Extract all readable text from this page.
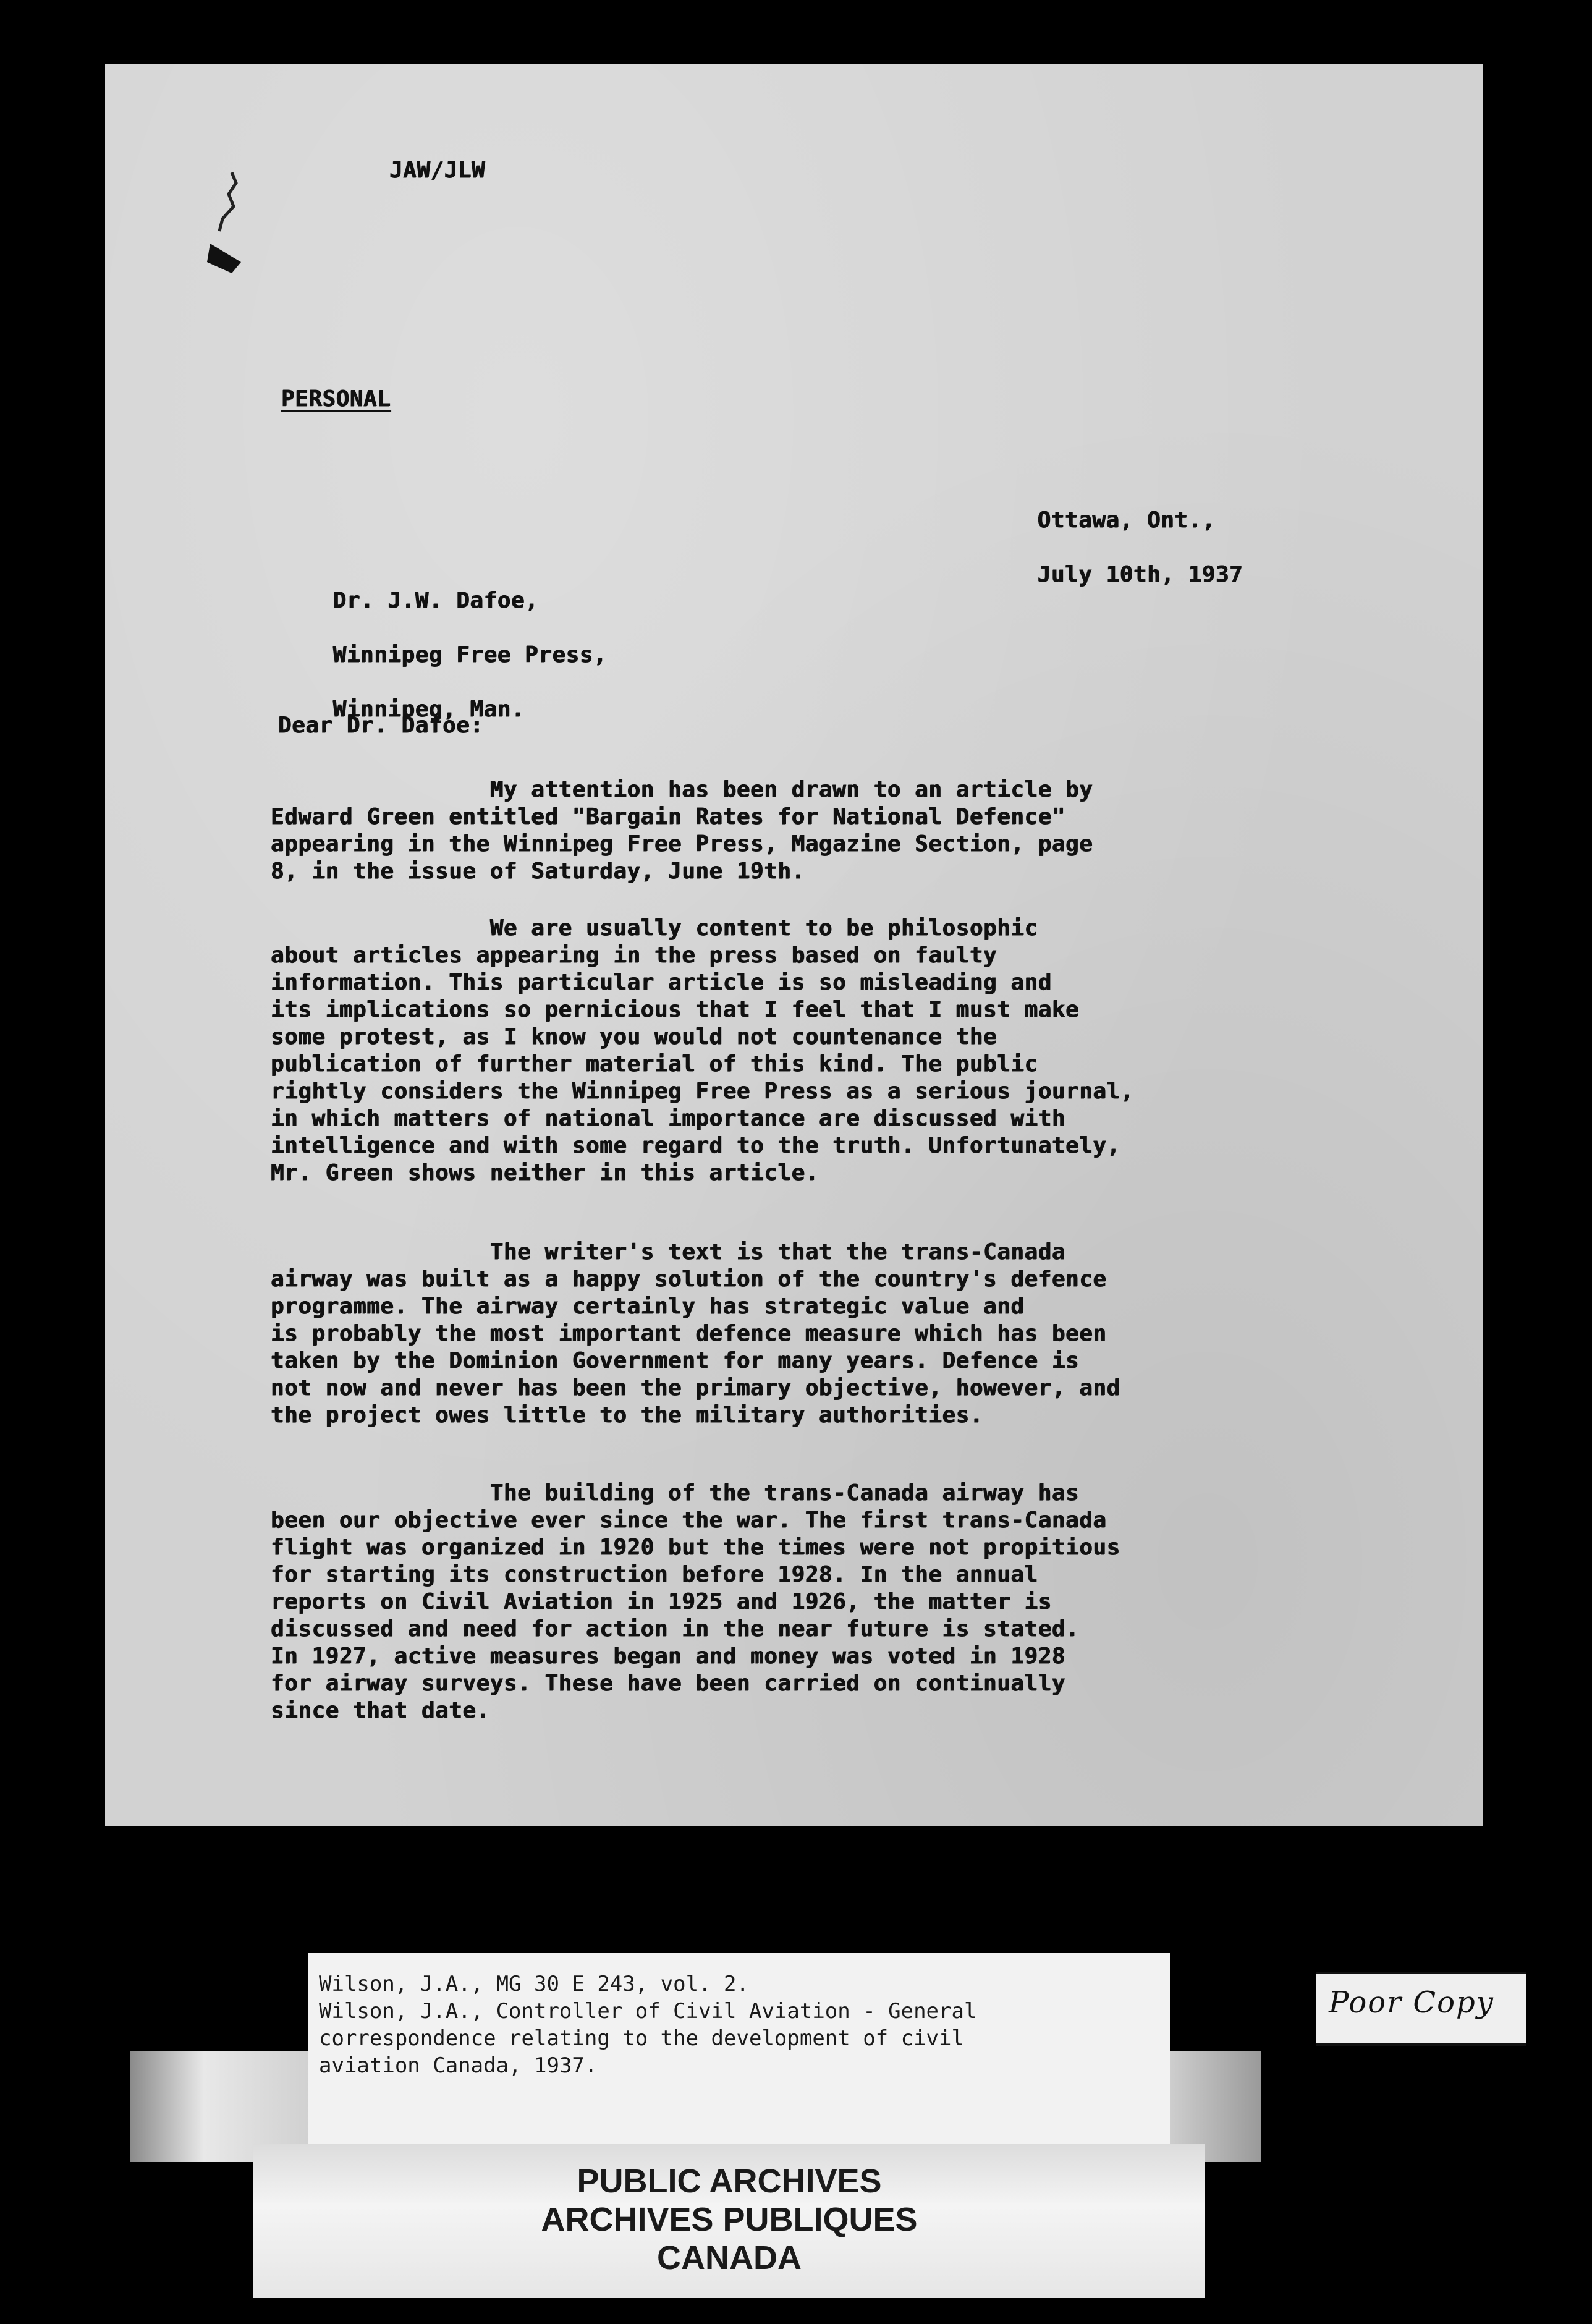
JAW/JLW
PERSONAL

Ottawa, Ont.,

July 10th, 1937

Dr. J.W. Dafoe,

Winnipeg Free Press,

Winnipeg, Man.

Dear Dr. Dafoe:
My attention has been drawn to an article by
Edward Green entitled "Bargain Rates for National Defence"
appearing in the Winnipeg Free Press, Magazine Section, page
8, in the issue of Saturday, June 19th.
We are usually content to be philosophic
about articles appearing in the press based on faulty
information. This particular article is so misleading and
its implications so pernicious that I feel that I must make
some protest, as I know you would not countenance the
publication of further material of this kind. The public
rightly considers the Winnipeg Free Press as a serious journal,
in which matters of national importance are discussed with
intelligence and with some regard to the truth. Unfortunately,
Mr. Green shows neither in this article.
The writer's text is that the trans-Canada
airway was built as a happy solution of the country's defence
programme. The airway certainly has strategic value and
is probably the most important defence measure which has been
taken by the Dominion Government for many years. Defence is
not now and never has been the primary objective, however, and
the project owes little to the military authorities.
The building of the trans-Canada airway has
been our objective ever since the war. The first trans-Canada
flight was organized in 1920 but the times were not propitious
for starting its construction before 1928. In the annual
reports on Civil Aviation in 1925 and 1926, the matter is
discussed and need for action in the near future is stated.
In 1927, active measures began and money was voted in 1928
for airway surveys. These have been carried on continually
since that date.
Wilson, J.A., MG 30 E 243, vol. 2.
Wilson, J.A., Controller of Civil Aviation - General
correspondence relating to the development of civil
aviation Canada, 1937.
Poor Copy
PUBLIC ARCHIVES
ARCHIVES PUBLIQUES
CANADA
